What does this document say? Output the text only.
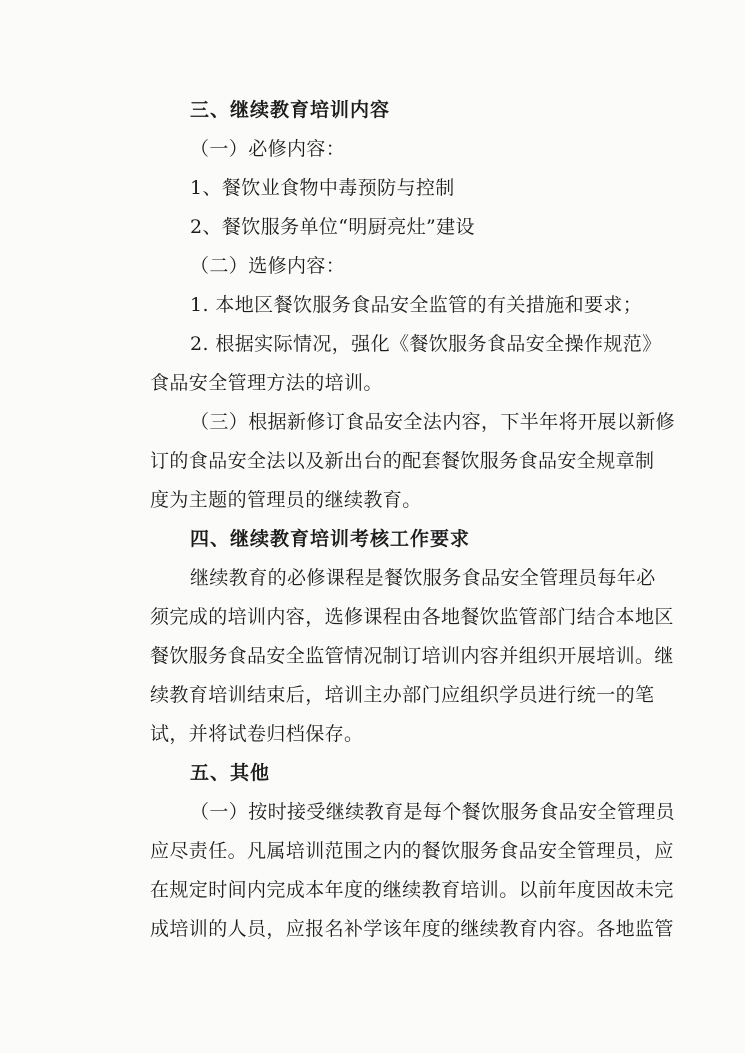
三、继续教育培训内容
（一）必修内容：
1、餐饮业食物中毒预防与控制
2、餐饮服务单位“明厨亮灶”建设
（二）选修内容：
1. 本地区餐饮服务食品安全监管的有关措施和要求；
2. 根据实际情况，强化《餐饮服务食品安全操作规范》
食品安全管理方法的培训。
（三）根据新修订食品安全法内容，下半年将开展以新修
订的食品安全法以及新出台的配套餐饮服务食品安全规章制
度为主题的管理员的继续教育。
四、继续教育培训考核工作要求
继续教育的必修课程是餐饮服务食品安全管理员每年必
须完成的培训内容，选修课程由各地餐饮监管部门结合本地区
餐饮服务食品安全监管情况制订培训内容并组织开展培训。继
续教育培训结束后，培训主办部门应组织学员进行统一的笔
试，并将试卷归档保存。
五、其他
（一）按时接受继续教育是每个餐饮服务食品安全管理员
应尽责任。凡属培训范围之内的餐饮服务食品安全管理员，应
在规定时间内完成本年度的继续教育培训。以前年度因故未完
成培训的人员，应报名补学该年度的继续教育内容。各地监管
